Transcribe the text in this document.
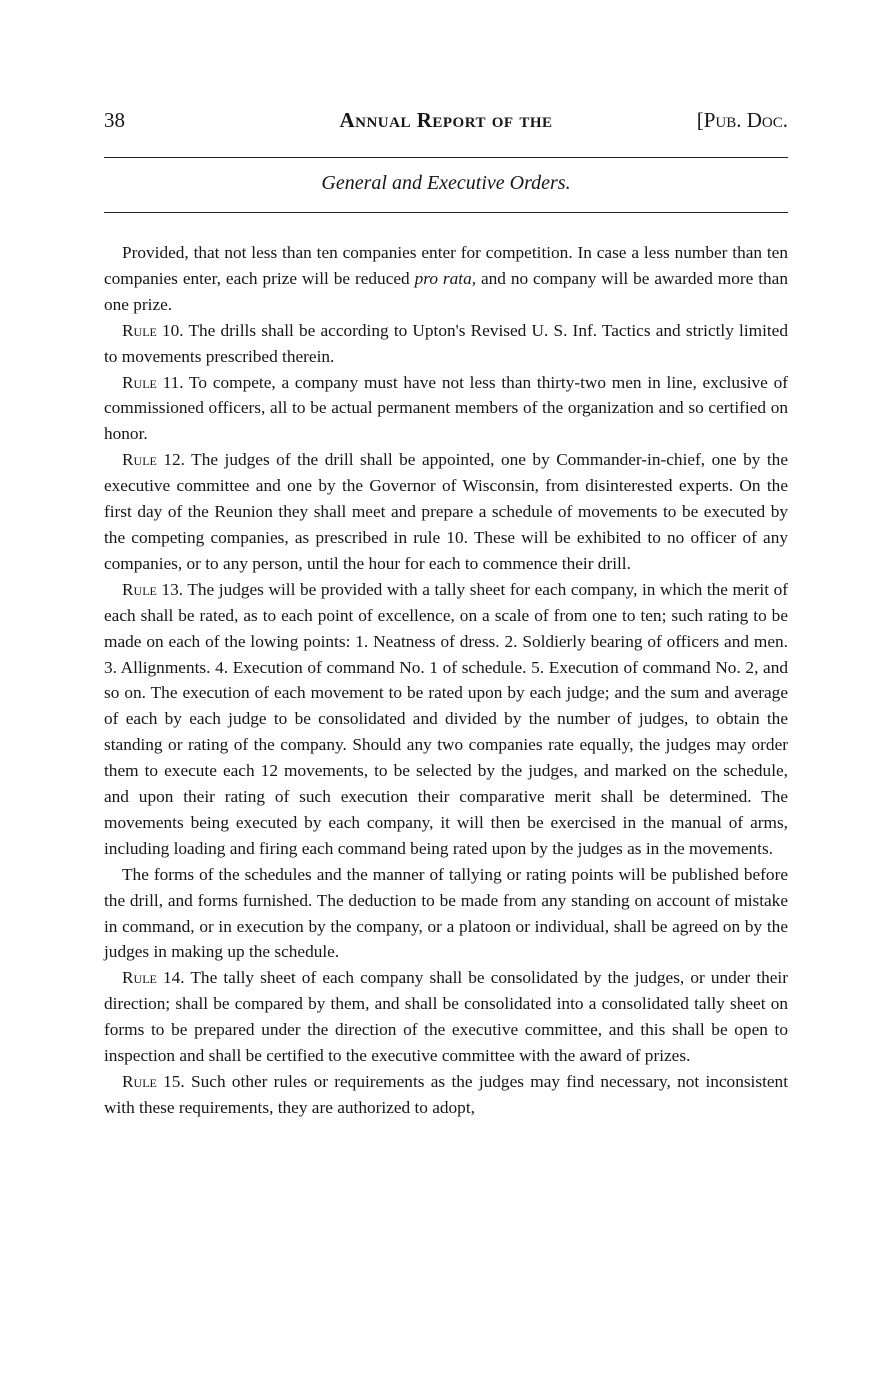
38	Annual Report of the	[Pub. Doc.
General and Executive Orders.

Provided, that not less than ten companies enter for competition. In case a less number than ten companies enter, each prize will be reduced pro rata, and no company will be awarded more than one prize.

Rule 10. The drills shall be according to Upton's Revised U. S. Inf. Tactics and strictly limited to movements prescribed therein.

Rule 11. To compete, a company must have not less than thirty-two men in line, exclusive of commissioned officers, all to be actual permanent members of the organization and so certified on honor.

Rule 12. The judges of the drill shall be appointed, one by Commander-in-chief, one by the executive committee and one by the Governor of Wisconsin, from disinterested experts. On the first day of the Reunion they shall meet and prepare a schedule of movements to be executed by the competing companies, as prescribed in rule 10. These will be exhibited to no officer of any companies, or to any person, until the hour for each to commence their drill.

Rule 13. The judges will be provided with a tally sheet for each company, in which the merit of each shall be rated, as to each point of excellence, on a scale of from one to ten; such rating to be made on each of the lowing points: 1. Neatness of dress. 2. Soldierly bearing of officers and men. 3. Allignments. 4. Execution of command No. 1 of schedule. 5. Execution of command No. 2, and so on. The execution of each movement to be rated upon by each judge; and the sum and average of each by each judge to be consolidated and divided by the number of judges, to obtain the standing or rating of the company. Should any two companies rate equally, the judges may order them to execute each 12 movements, to be selected by the judges, and marked on the schedule, and upon their rating of such execution their comparative merit shall be determined. The movements being executed by each company, it will then be exercised in the manual of arms, including loading and firing each command being rated upon by the judges as in the movements.

The forms of the schedules and the manner of tallying or rating points will be published before the drill, and forms furnished. The deduction to be made from any standing on account of mistake in command, or in execution by the company, or a platoon or individual, shall be agreed on by the judges in making up the schedule.

Rule 14. The tally sheet of each company shall be consolidated by the judges, or under their direction; shall be compared by them, and shall be consolidated into a consolidated tally sheet on forms to be prepared under the direction of the executive committee, and this shall be open to inspection and shall be certified to the executive committee with the award of prizes.

Rule 15. Such other rules or requirements as the judges may find necessary, not inconsistent with these requirements, they are authorized to adopt,
